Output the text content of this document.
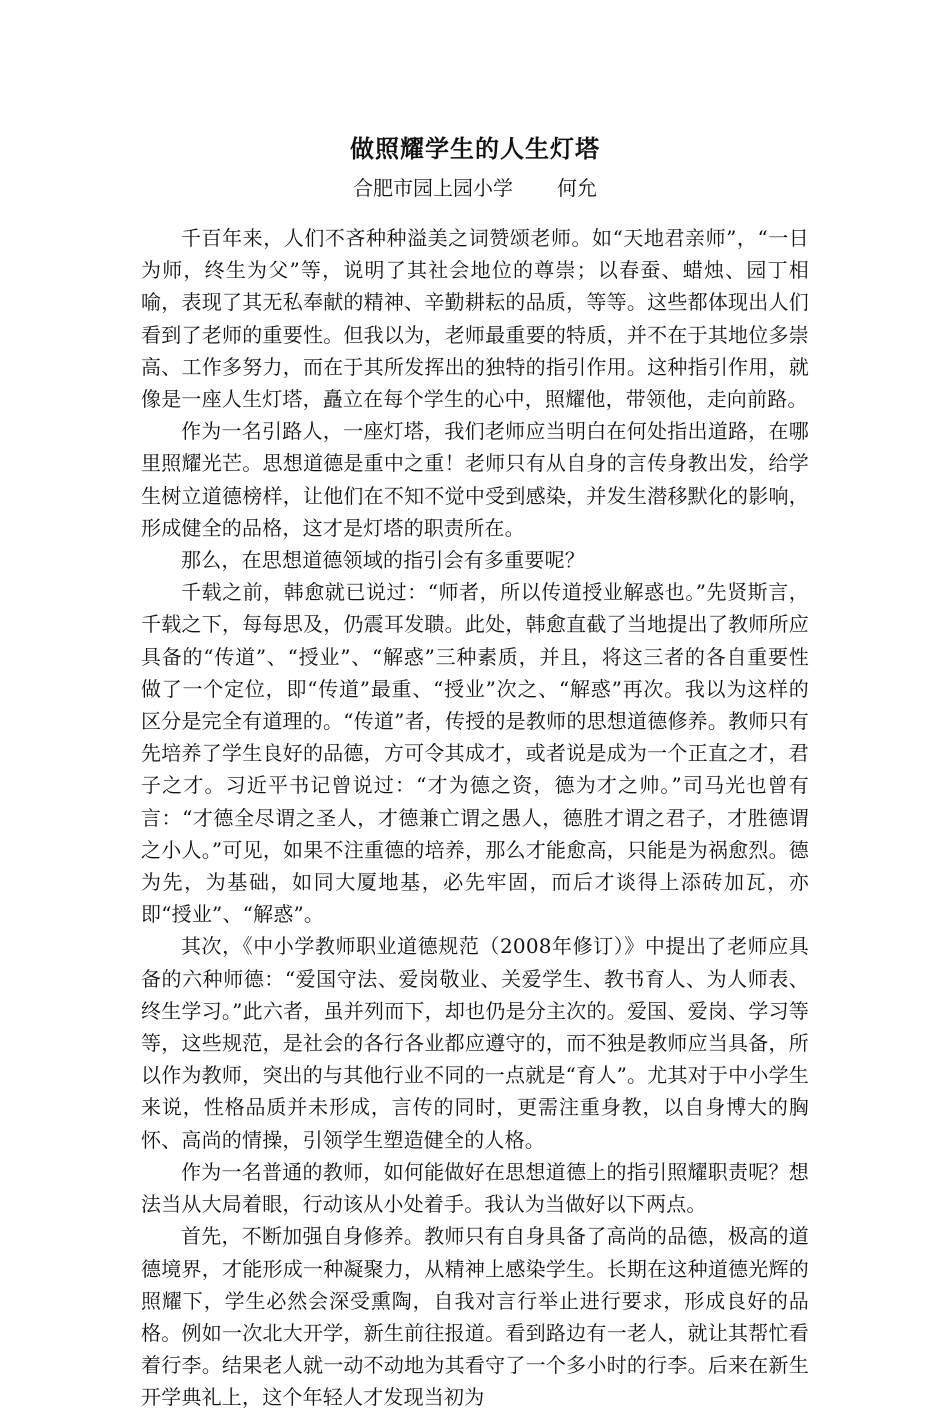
做照耀学生的人生灯塔
合肥市园上园小学 何允

千百年来，人们不吝种种溢美之词赞颂老师。如“天地君亲师”，“一日为师，终生为父”等，说明了其社会地位的尊崇；以春蚕、蜡烛、园丁相喻，表现了其无私奉献的精神、辛勤耕耘的品质，等等。这些都体现出人们看到了老师的重要性。但我以为，老师最重要的特质，并不在于其地位多崇高、工作多努力，而在于其所发挥出的独特的指引作用。这种指引作用，就像是一座人生灯塔，矗立在每个学生的心中，照耀他，带领他，走向前路。

作为一名引路人，一座灯塔，我们老师应当明白在何处指出道路，在哪里照耀光芒。思想道德是重中之重！老师只有从自身的言传身教出发，给学生树立道德榜样，让他们在不知不觉中受到感染，并发生潜移默化的影响，形成健全的品格，这才是灯塔的职责所在。

那么，在思想道德领域的指引会有多重要呢？

千载之前，韩愈就已说过：“师者，所以传道授业解惑也。”先贤斯言，千载之下，每每思及，仍震耳发聩。此处，韩愈直截了当地提出了教师所应具备的“传道”、“授业”、“解惑”三种素质，并且，将这三者的各自重要性做了一个定位，即“传道”最重、“授业”次之、“解惑”再次。我以为这样的区分是完全有道理的。“传道”者，传授的是教师的思想道德修养。教师只有先培养了学生良好的品德，方可令其成才，或者说是成为一个正直之才，君子之才。习近平书记曾说过：“才为德之资，德为才之帅。”司马光也曾有言：“才德全尽谓之圣人，才德兼亡谓之愚人，德胜才谓之君子，才胜德谓之小人。”可见，如果不注重德的培养，那么才能愈高，只能是为祸愈烈。德为先，为基础，如同大厦地基，必先牢固，而后才谈得上添砖加瓦，亦即“授业”、“解惑”。

其次，《中小学教师职业道德规范（2008年修订）》中提出了老师应具备的六种师德：“爱国守法、爱岗敬业、关爱学生、教书育人、为人师表、终生学习。”此六者，虽并列而下，却也仍是分主次的。爱国、爱岗、学习等等，这些规范，是社会的各行各业都应遵守的，而不独是教师应当具备，所以作为教师，突出的与其他行业不同的一点就是“育人”。尤其对于中小学生来说，性格品质并未形成，言传的同时，更需注重身教，以自身博大的胸怀、高尚的情操，引领学生塑造健全的人格。

作为一名普通的教师，如何能做好在思想道德上的指引照耀职责呢？想法当从大局着眼，行动该从小处着手。我认为当做好以下两点。

首先，不断加强自身修养。教师只有自身具备了高尚的品德，极高的道德境界，才能形成一种凝聚力，从精神上感染学生。长期在这种道德光辉的照耀下，学生必然会深受熏陶，自我对言行举止进行要求，形成良好的品格。例如一次北大开学，新生前往报道。看到路边有一老人，就让其帮忙看着行李。结果老人就一动不动地为其看守了一个多小时的行李。后来在新生开学典礼上，这个年轻人才发现当初为
